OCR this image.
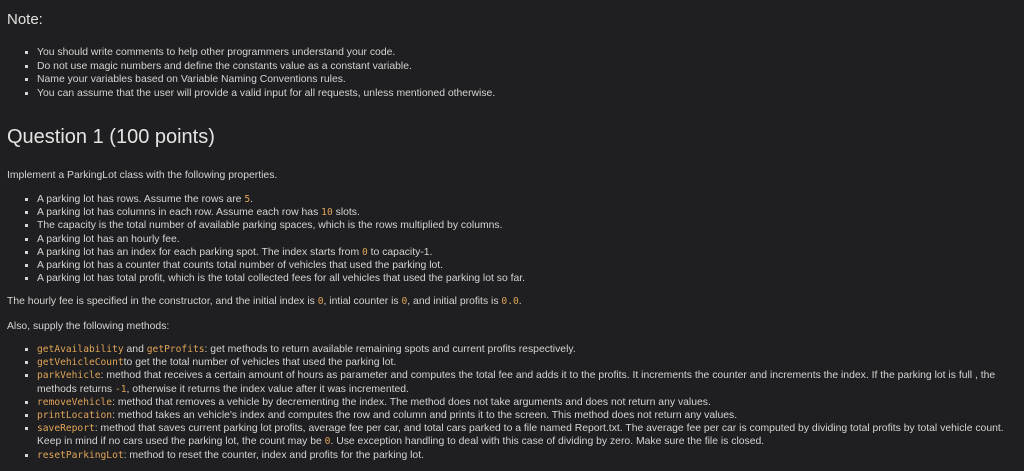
Note:
▪ You should write comments to help other programmers understand your code.
▪ Do not use magic numbers and define the constants value as a constant variable.
▪ Name your variables based on Variable Naming Conventions rules.
▪ You can assume that the user will provide a valid input for all requests, unless mentioned otherwise.
Question 1 (100 points)
Implement a ParkingLot class with the following properties.
▪ A parking lot has rows. Assume the rows are 5.
▪ A parking lot has columns in each row. Assume each row has 10 slots.
▪ The capacity is the total number of available parking spaces, which is the rows multiplied by columns.
▪ A parking lot has an hourly fee.
▪ A parking lot has an index for each parking spot. The index starts from 0 to capacity-1.
▪ A parking lot has a counter that counts total number of vehicles that used the parking lot.
▪ A parking lot has total profit, which is the total collected fees for all vehicles that used the parking lot so far.
The hourly fee is specified in the constructor, and the initial index is 0, intial counter is 0, and initial profits is 0.0.
Also, supply the following methods:
▪ getAvailability and getProfits: get methods to return available remaining spots and current profits respectively.
▪ getVehicleCountto get the total number of vehicles that used the parking lot.
▪ parkVehicle: method that receives a certain amount of hours as parameter and computes the total fee and adds it to the profits. It increments the counter and increments the index. If the parking lot is full , the methods returns -1, otherwise it returns the index value after it was incremented.
▪ removeVehicle: method that removes a vehicle by decrementing the index. The method does not take arguments and does not return any values.
▪ printLocation: method takes an vehicle's index and computes the row and column and prints it to the screen. This method does not return any values.
▪ saveReport: method that saves current parking lot profits, average fee per car, and total cars parked to a file named Report.txt. The average fee per car is computed by dividing total profits by total vehicle count. Keep in mind if no cars used the parking lot, the count may be 0. Use exception handling to deal with this case of dividing by zero. Make sure the file is closed.
▪ resetParkingLot: method to reset the counter, index and profits for the parking lot.
